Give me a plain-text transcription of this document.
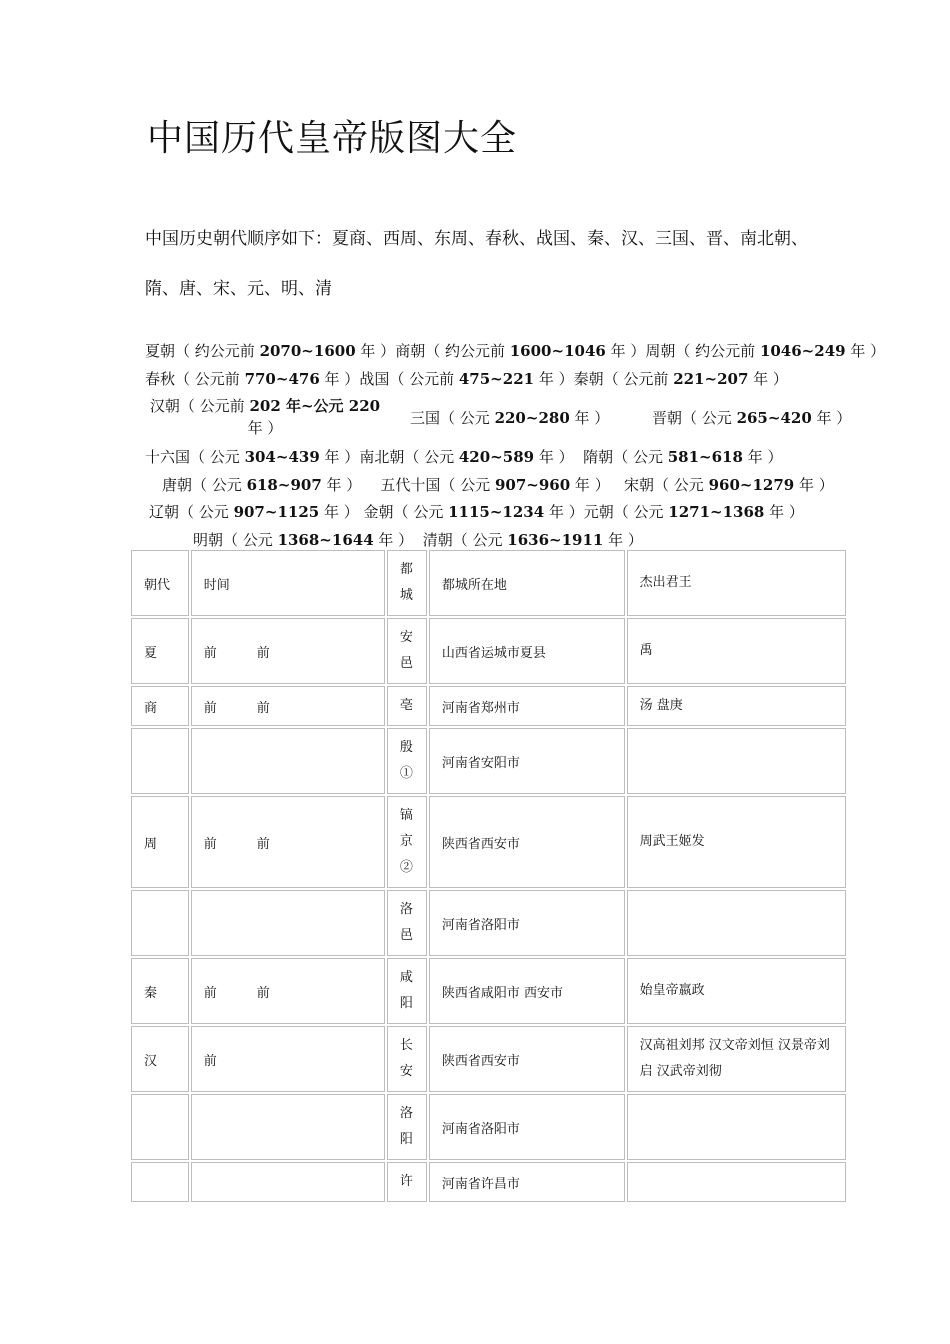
中国历代皇帝版图大全
中国历史朝代顺序如下：夏商、西周、东周、春秋、战国、秦、汉、三国、晋、南北朝、
隋、唐、宋、元、明、清
夏朝（ 约公元前 2070~1600 年 ）商朝（ 约公元前 1600~1046 年 ）周朝（ 约公元前 1046~249 年 ）
春秋（ 公元前 770~476 年 ）战国（ 公元前 475~221 年 ）秦朝（ 公元前 221~207 年 ）
汉朝（ 公元前 202 年~公元 220 年 ）
三国（ 公元 220~280 年 ）	晋朝（ 公元 265~420 年 ）
十六国（ 公元 304~439 年 ）南北朝（ 公元 420~589 年 ） 隋朝（ 公元 581~618 年 ）
唐朝（ 公元 618~907 年 ） 五代十国（ 公元 907~960 年 ） 宋朝（ 公元 960~1279 年 ）
辽朝（ 公元 907~1125 年 ） 金朝（ 公元 1115~1234 年 ）元朝（ 公元 1271~1368 年 ）
明朝（ 公元 1368~1644 年 ） 清朝（ 公元 1636~1911 年 ）
朝代	时间	都城	都城所在地	杰出君王
夏	前 前	安邑	山西省运城市夏县	禹
商	前 前	亳	河南省郑州市	汤 盘庚
		殷①	河南省安阳市	
周	前 前	镐京②	陕西省西安市	周武王姬发
		洛邑	河南省洛阳市	
秦	前 前	咸阳	陕西省咸阳市 西安市	始皇帝嬴政
汉	前	长安	陕西省西安市	汉高祖刘邦 汉文帝刘恒 汉景帝刘启 汉武帝刘彻
		洛阳	河南省洛阳市	
		许	河南省许昌市	
